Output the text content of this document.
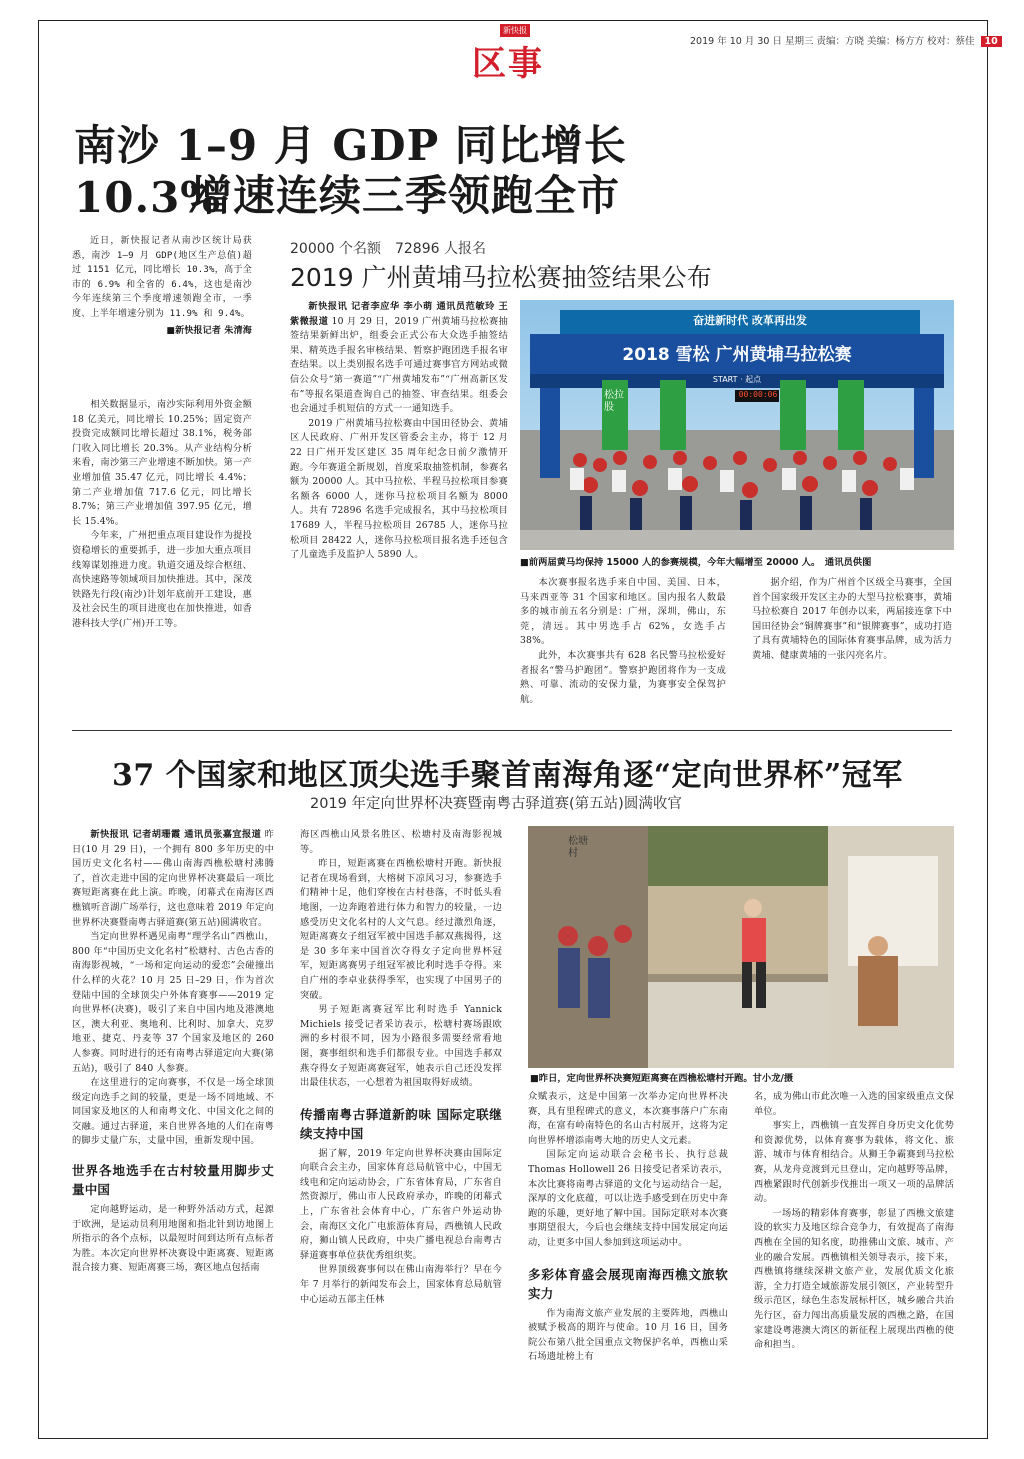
新快报
区事
2019 年 10 月 30 日 星期三 责编：方晓 美编：杨方方 校对：蔡佳 10
南沙 1–9 月 GDP 同比增长 10.3%
增速连续三季领跑全市

近日，新快报记者从南沙区统计局获悉，南沙 1–9 月 GDP(地区生产总值)超过 1151 亿元，同比增长 10.3%，高于全市的 6.9% 和全省的 6.4%，这也是南沙今年连续第三个季度增速领跑全市，一季度、上半年增速分别为 11.9% 和 9.4%。

■新快报记者 朱清海

相关数据显示，南沙实际利用外资金额 18 亿美元，同比增长 10.25%；固定资产投资完成额同比增长超过 38.1%，税务部门收入同比增长 20.3%。从产业结构分析来看，南沙第三产业增速不断加快。第一产业增加值 35.47 亿元，同比增长 4.4%；第二产业增加值 717.6 亿元，同比增长 8.7%；第三产业增加值 397.95 亿元，增长 15.4%。

今年来，广州把重点项目建设作为提投资稳增长的重要抓手，进一步加大重点项目线筹谋划推进力度。轨道交通及综合枢纽、高快速路等领域项目加快推进。其中，深茂铁路先行段(南沙)计划年底前开工建设，惠及社会民生的项目进度也在加快推进，如香港科技大学(广州)开工等。

20000 个名额　72896 人报名
2019 广州黄埔马拉松赛抽签结果公布

新快报讯 记者李应华 李小萌 通讯员范敏玲 王紫微报道 10 月 29 日，2019 广州黄埔马拉松赛抽签结果新鲜出炉，组委会正式公布大众选手抽签结果、精英选手报名审核结果、暂察护跑团选手报名审查结果。以上类别报名选手可通过赛事官方网站或微信公众号“第一赛道”“广州黄埔发布”“广州高新区发布”等报名渠道查询自己的抽签、审查结果。组委会也会通过手机短信的方式一一通知选手。

2019 广州黄埔马拉松赛由中国田径协会、黄埔区人民政府、广州开发区管委会主办，将于 12 月 22 日广州开发区建区 35 周年纪念日前夕激情开跑。今年赛道全新规划，首度采取抽签机制，参赛名额为 20000 人。其中马拉松、半程马拉松项目参赛名额各 6000 人，迷你马拉松项目名额为 8000 人。共有 72896 名选手完成报名，其中马拉松项目 17689 人，半程马拉松项目 26785 人，迷你马拉松项目 28422 人，迷你马拉松项目报名选手还包含了儿童选手及监护人 5890 人。

奋进新时代 改革再出发
2018 雪松 广州黄埔马拉松赛
START · 起点
松拉股
00:00:06
■前两届黄马均保持 15000 人的参赛规模，今年大幅增至 20000 人。　通讯员供图

本次赛事报名选手来自中国、美国、日本，马来西亚等 31 个国家和地区。国内报名人数最多的城市前五名分别是：广州，深圳，佛山，东莞，清远。其中男选手占 62%，女选手占 38%。

此外，本次赛事共有 628 名民警马拉松爱好者报名“警马护跑团”。警察护跑团将作为一支成熟、可靠、流动的安保力量，为赛事安全保驾护航。

据介绍，作为广州首个区级全马赛事，全国首个国家级开发区主办的大型马拉松赛事，黄埔马拉松赛自 2017 年创办以来，两届接连拿下中国田径协会“铜牌赛事”和“银牌赛事”，成功打造了具有黄埔特色的国际体育赛事品牌，成为活力黄埔、健康黄埔的一张闪亮名片。

37 个国家和地区顶尖选手聚首南海角逐“定向世界杯”冠军
2019 年定向世界杯决赛暨南粤古驿道赛(第五站)圆满收官

新快报讯 记者胡珊霞 通讯员张嘉宜报道 昨日(10 月 29 日)，一个拥有 800 多年历史的中国历史文化名村——佛山南海西樵松塘村沸腾了，首次走进中国的定向世界杯决赛最后一项比赛短距离赛在此上演。昨晚，闭幕式在南海区西樵镇听音湖广场举行，这也意味着 2019 年定向世界杯决赛暨南粤古驿道赛(第五站)圆满收官。

当定向世界杯遇见南粤“理学名山”西樵山，800 年“中国历史文化名村”松塘村、古色古香的南海影视城，“一场和定向运动的爱恋”会碰撞出什么样的火花？10 月 25 日–29 日，作为首次登陆中国的全球顶尖户外体育赛事——2019 定向世界杯(决赛)，吸引了来自中国内地及港澳地区，澳大利亚、奥地利、比利时、加拿大、克罗地亚、捷克、丹麦等 37 个国家及地区的 260 人参赛。同时进行的还有南粤古驿道定向大赛(第五站)，吸引了 840 人参赛。

在这里进行的定向赛事，不仅是一场全球顶级定向选手之间的较量，更是一场不同地域、不同国家及地区的人和南粤文化、中国文化之间的交融。通过古驿道，来自世界各地的人们在南粤的脚步丈量广东，丈量中国，重新发现中国。

世界各地选手在古村较量用脚步丈量中国

定向越野运动，是一种野外活动方式，起源于欧洲，是运动员利用地图和指北针到访地图上所指示的各个点标，以最短时间到达所有点标者为胜。本次定向世界杯决赛设中距离赛、短距离混合接力赛、短距离赛三场，赛区地点包括南

海区西樵山风景名胜区、松塘村及南海影视城等。

昨日，短距离赛在西樵松塘村开跑。新快报记者在现场看到，大榕树下凉风习习，参赛选手们精神十足，他们穿梭在古村巷落，不时低头看地图，一边奔跑着进行体力和智力的较量，一边感受历史文化名村的人文气息。经过激烈角逐，短距离赛女子组冠军被中国选手郝双燕揭得，这是 30 多年来中国首次夺得女子定向世界杯冠军，短距离赛男子组冠军被比利时选手夺得。来自广州的李卓业获得季军，也实现了中国男子的突破。

男子短距离赛冠军比利时选手 Yannick Michiels 接受记者采访表示，松塘村赛场跟欧洲的乡村很不同，因为小路很多需要经常看地图，赛事组织和选手们都很专业。中国选手郝双燕夺得女子短距离赛冠军，她表示自己还没发挥出最佳状态，一心想着为祖国取得好成绩。

传播南粤古驿道新韵味 国际定联继续支持中国

据了解，2019 年定向世界杯决赛由国际定向联合会主办，国家体育总局航管中心，中国无线电和定向运动协会，广东省体育局，广东省自然资源厅，佛山市人民政府承办，昨晚的闭幕式上，广东省社会体育中心，广东省户外运动协会，南海区文化广电旅游体育局，西樵镇人民政府，狮山镇人民政府，中央广播电视总台南粤古驿道赛事单位获优秀组织奖。

世界顶级赛事何以在佛山南海举行？早在今年 7 月举行的新闻发布会上，国家体育总局航管中心运动五部主任林

松塘村
■昨日，定向世界杯决赛短距离赛在西樵松塘村开跑。甘小龙/摄

众赋表示，这是中国第一次举办定向世界杯决赛，具有里程碑式的意义，本次赛事落户广东南海，在富有岭南特色的名山古村展开，这将为定向世界杯增添南粤大地的历史人文元素。

国际定向运动联合会秘书长、执行总裁 Thomas Hollowell 26 日接受记者采访表示，本次比赛将南粤古驿道的文化与运动结合一起，深厚的文化底蕴，可以让选手感受到在历史中奔跑的乐趣，更好地了解中国。国际定联对本次赛事期望很大，今后也会继续支持中国发展定向运动，让更多中国人参加到这项运动中。

多彩体育盛会展现南海西樵文旅软实力

作为南海文旅产业发展的主要阵地，西樵山被赋予极高的期许与使命。10 月 16 日，国务院公布第八批全国重点文物保护名单，西樵山采石场遗址榜上有

名，成为佛山市此次唯一入选的国家级重点文保单位。

事实上，西樵镇一直发挥自身历史文化优势和资源优势，以体育赛事为载体，将文化、旅游、城市与体育相结合。从狮王争霸赛到马拉松赛，从龙舟竞渡到元旦登山，定向越野等品牌，西樵紧跟时代创新步伐推出一项又一项的品牌活动。

一场场的精彩体育赛事，彰显了西樵文旅建设的软实力及地区综合竞争力，有效提高了南海西樵在全国的知名度，助推佛山文旅、城市、产业的融合发展。西樵镇相关领导表示，接下来，西樵镇将继续深耕文旅产业，发展优质文化旅游，全力打造全域旅游发展引领区，产业转型升级示范区，绿色生态发展标杆区，城乡融合共治先行区，奋力闯出高质量发展的西樵之路，在国家建设粤港澳大湾区的新征程上展现出西樵的使命和担当。
